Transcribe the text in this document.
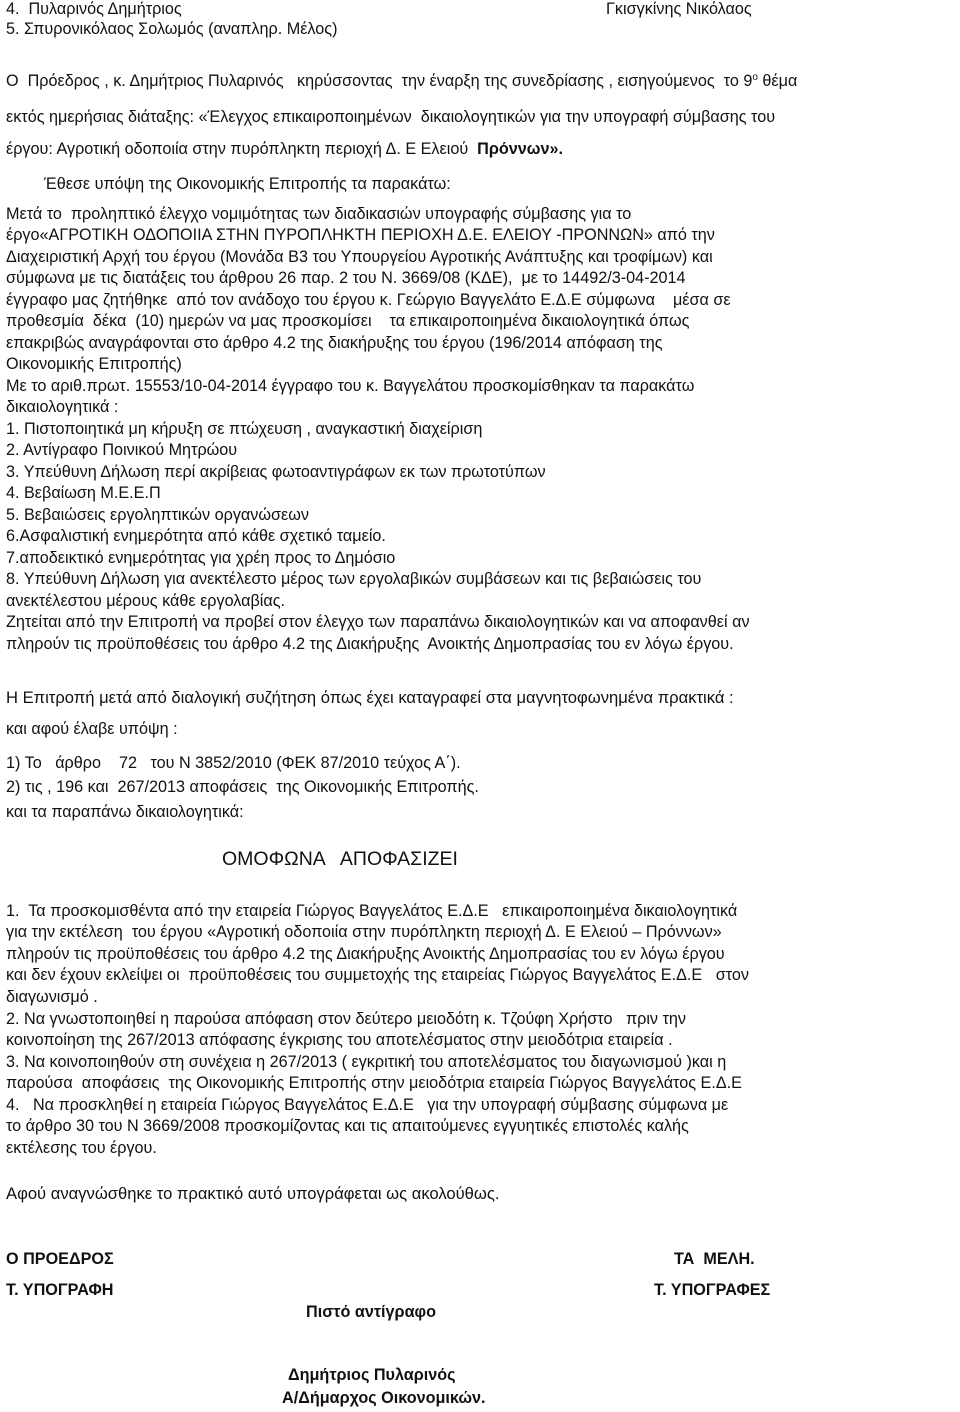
4.  Πυλαρινός Δημήτριος	Γκισγκίνης Νικόλαος
5. Σπυρονικόλαος Σολωμός (αναπληρ. Μέλος)
Ο  Πρόεδρος , κ. Δημήτριος Πυλαρινός   κηρύσσοντας  την έναρξη της συνεδρίασης , εισηγούμενος  το $9^o$ θέμα
εκτός ημερήσιας διάταξης: «Έλεγχος επικαιροποιημένων  δικαιολογητικών για την υπογραφή σύμβασης του
έργου: Αγροτική οδοποιία στην πυρόπληκτη περιοχή Δ. Ε Ελειού  Πρόννων».
Έθεσε υπόψη της Οικονομικής Επιτροπής τα παρακάτω:
Μετά το  προληπτικό έλεγχο νομιμότητας των διαδικασιών υπογραφής σύμβασης για το
έργο«ΑΓΡΟΤΙΚΗ ΟΔΟΠΟΙΙΑ ΣΤΗΝ ΠΥΡΟΠΛΗΚΤΗ ΠΕΡΙΟΧΗ Δ.Ε. ΕΛΕΙΟΥ -ΠΡΟΝΝΩΝ» από την
Διαχειριστική Αρχή του έργου (Μονάδα Β3 του Υπουργείου Αγροτικής Ανάπτυξης και τροφίμων) και
σύμφωνα με τις διατάξεις του άρθρου 26 παρ. 2 του Ν. 3669/08 (ΚΔΕ),  με το 14492/3-04-2014
έγγραφο μας ζητήθηκε  από τον ανάδοχο του έργου κ. Γεώργιο Βαγγελάτο Ε.Δ.Ε σύμφωνα    μέσα σε
προθεσμία  δέκα  (10) ημερών να μας προσκομίσει    τα επικαιροποιημένα δικαιολογητικά όπως
επακριβώς αναγράφονται στο άρθρο 4.2 της διακήρυξης του έργου (196/2014 απόφαση της
Οικονομικής Επιτροπής)
Με το αριθ.πρωτ. 15553/10-04-2014 έγγραφο του κ. Βαγγελάτου προσκομίσθηκαν τα παρακάτω
δικαιολογητικά :
1. Πιστοποιητικά μη κήρυξη σε πτώχευση , αναγκαστική διαχείριση
2. Αντίγραφο Ποινικού Μητρώου
3. Υπεύθυνη Δήλωση περί ακρίβειας φωτοαντιγράφων εκ των πρωτοτύπων
4. Βεβαίωση Μ.Ε.Ε.Π
5. Βεβαιώσεις εργοληπτικών οργανώσεων
6.Ασφαλιστική ενημερότητα από κάθε σχετικό ταμείο.
7.αποδεικτικό ενημερότητας για χρέη προς το Δημόσιο
8. Υπεύθυνη Δήλωση για ανεκτέλεστο μέρος των εργολαβικών συμβάσεων και τις βεβαιώσεις του
ανεκτέλεστου μέρους κάθε εργολαβίας.
Ζητείται από την Επιτροπή να προβεί στον έλεγχο των παραπάνω δικαιολογητικών και να αποφανθεί αν
πληρούν τις προϋποθέσεις του άρθρο 4.2 της Διακήρυξης  Ανοικτής Δημοπρασίας του εν λόγω έργου.
Η Επιτροπή μετά από διαλογική συζήτηση όπως έχει καταγραφεί στα μαγνητοφωνημένα πρακτικά :
και αφού έλαβε υπόψη :
1) Το   άρθρο    72   του Ν 3852/2010 (ΦΕΚ 87/2010 τεύχος Α΄).
2) τις , 196 και  267/2013 αποφάσεις  της Οικονομικής Επιτροπής.
και τα παραπάνω δικαιολογητικά:
ΟΜΟΦΩΝΑ   ΑΠΟΦΑΣΙΖΕΙ
1.  Τα προσκομισθέντα από την εταιρεία Γιώργος Βαγγελάτος Ε.Δ.Ε   επικαιροποιημένα δικαιολογητικά
για την εκτέλεση  του έργου «Αγροτική οδοποιία στην πυρόπληκτη περιοχή Δ. Ε Ελειού – Πρόννων»
πληρούν τις προϋποθέσεις του άρθρο 4.2 της Διακήρυξης Ανοικτής Δημοπρασίας του εν λόγω έργου
και δεν έχουν εκλείψει οι  προϋποθέσεις του συμμετοχής της εταιρείας Γιώργος Βαγγελάτος Ε.Δ.Ε   στον
διαγωνισμό .
2. Να γνωστοποιηθεί η παρούσα απόφαση στον δεύτερο μειοδότη κ. Τζούφη Χρήστο   πριν την
κοινοποίηση της 267/2013 απόφασης έγκρισης του αποτελέσματος στην μειοδότρια εταιρεία .
3. Να κοινοποιηθούν στη συνέχεια η 267/2013 ( εγκριτική του αποτελέσματος του διαγωνισμού )και η
παρούσα  αποφάσεις  της Οικονομικής Επιτροπής στην μειοδότρια εταιρεία Γιώργος Βαγγελάτος Ε.Δ.Ε
4.   Να προσκληθεί η εταιρεία Γιώργος Βαγγελάτος Ε.Δ.Ε   για την υπογραφή σύμβασης σύμφωνα με
το άρθρο 30 του Ν 3669/2008 προσκομίζοντας και τις απαιτούμενες εγγυητικές επιστολές καλής
εκτέλεσης του έργου.
Αφού αναγνώσθηκε το πρακτικό αυτό υπογράφεται ως ακολούθως.
Ο ΠΡΟΕΔΡΟΣ	ΤΑ  ΜΕΛΗ.
Τ. ΥΠΟΓΡΑΦΗ	Τ. ΥΠΟΓΡΑΦΕΣ
Πιστό αντίγραφο
Δημήτριος Πυλαρινός
Α/Δήμαρχος Οικονομικών.
